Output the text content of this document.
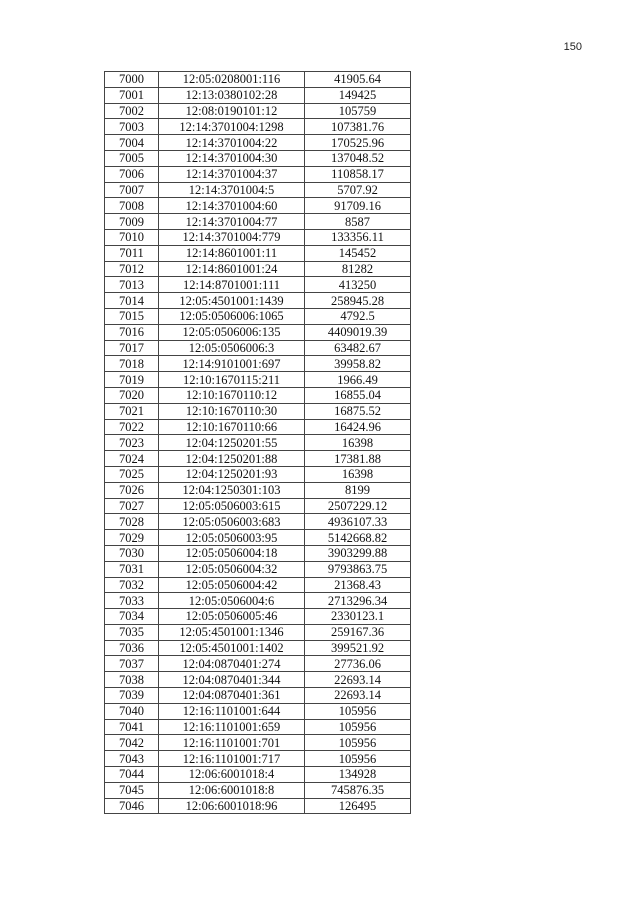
150
7000	12:05:0208001:116	41905.64
7001	12:13:0380102:28	149425
7002	12:08:0190101:12	105759
7003	12:14:3701004:1298	107381.76
7004	12:14:3701004:22	170525.96
7005	12:14:3701004:30	137048.52
7006	12:14:3701004:37	110858.17
7007	12:14:3701004:5	5707.92
7008	12:14:3701004:60	91709.16
7009	12:14:3701004:77	8587
7010	12:14:3701004:779	133356.11
7011	12:14:8601001:11	145452
7012	12:14:8601001:24	81282
7013	12:14:8701001:111	413250
7014	12:05:4501001:1439	258945.28
7015	12:05:0506006:1065	4792.5
7016	12:05:0506006:135	4409019.39
7017	12:05:0506006:3	63482.67
7018	12:14:9101001:697	39958.82
7019	12:10:1670115:211	1966.49
7020	12:10:1670110:12	16855.04
7021	12:10:1670110:30	16875.52
7022	12:10:1670110:66	16424.96
7023	12:04:1250201:55	16398
7024	12:04:1250201:88	17381.88
7025	12:04:1250201:93	16398
7026	12:04:1250301:103	8199
7027	12:05:0506003:615	2507229.12
7028	12:05:0506003:683	4936107.33
7029	12:05:0506003:95	5142668.82
7030	12:05:0506004:18	3903299.88
7031	12:05:0506004:32	9793863.75
7032	12:05:0506004:42	21368.43
7033	12:05:0506004:6	2713296.34
7034	12:05:0506005:46	2330123.1
7035	12:05:4501001:1346	259167.36
7036	12:05:4501001:1402	399521.92
7037	12:04:0870401:274	27736.06
7038	12:04:0870401:344	22693.14
7039	12:04:0870401:361	22693.14
7040	12:16:1101001:644	105956
7041	12:16:1101001:659	105956
7042	12:16:1101001:701	105956
7043	12:16:1101001:717	105956
7044	12:06:6001018:4	134928
7045	12:06:6001018:8	745876.35
7046	12:06:6001018:96	126495
